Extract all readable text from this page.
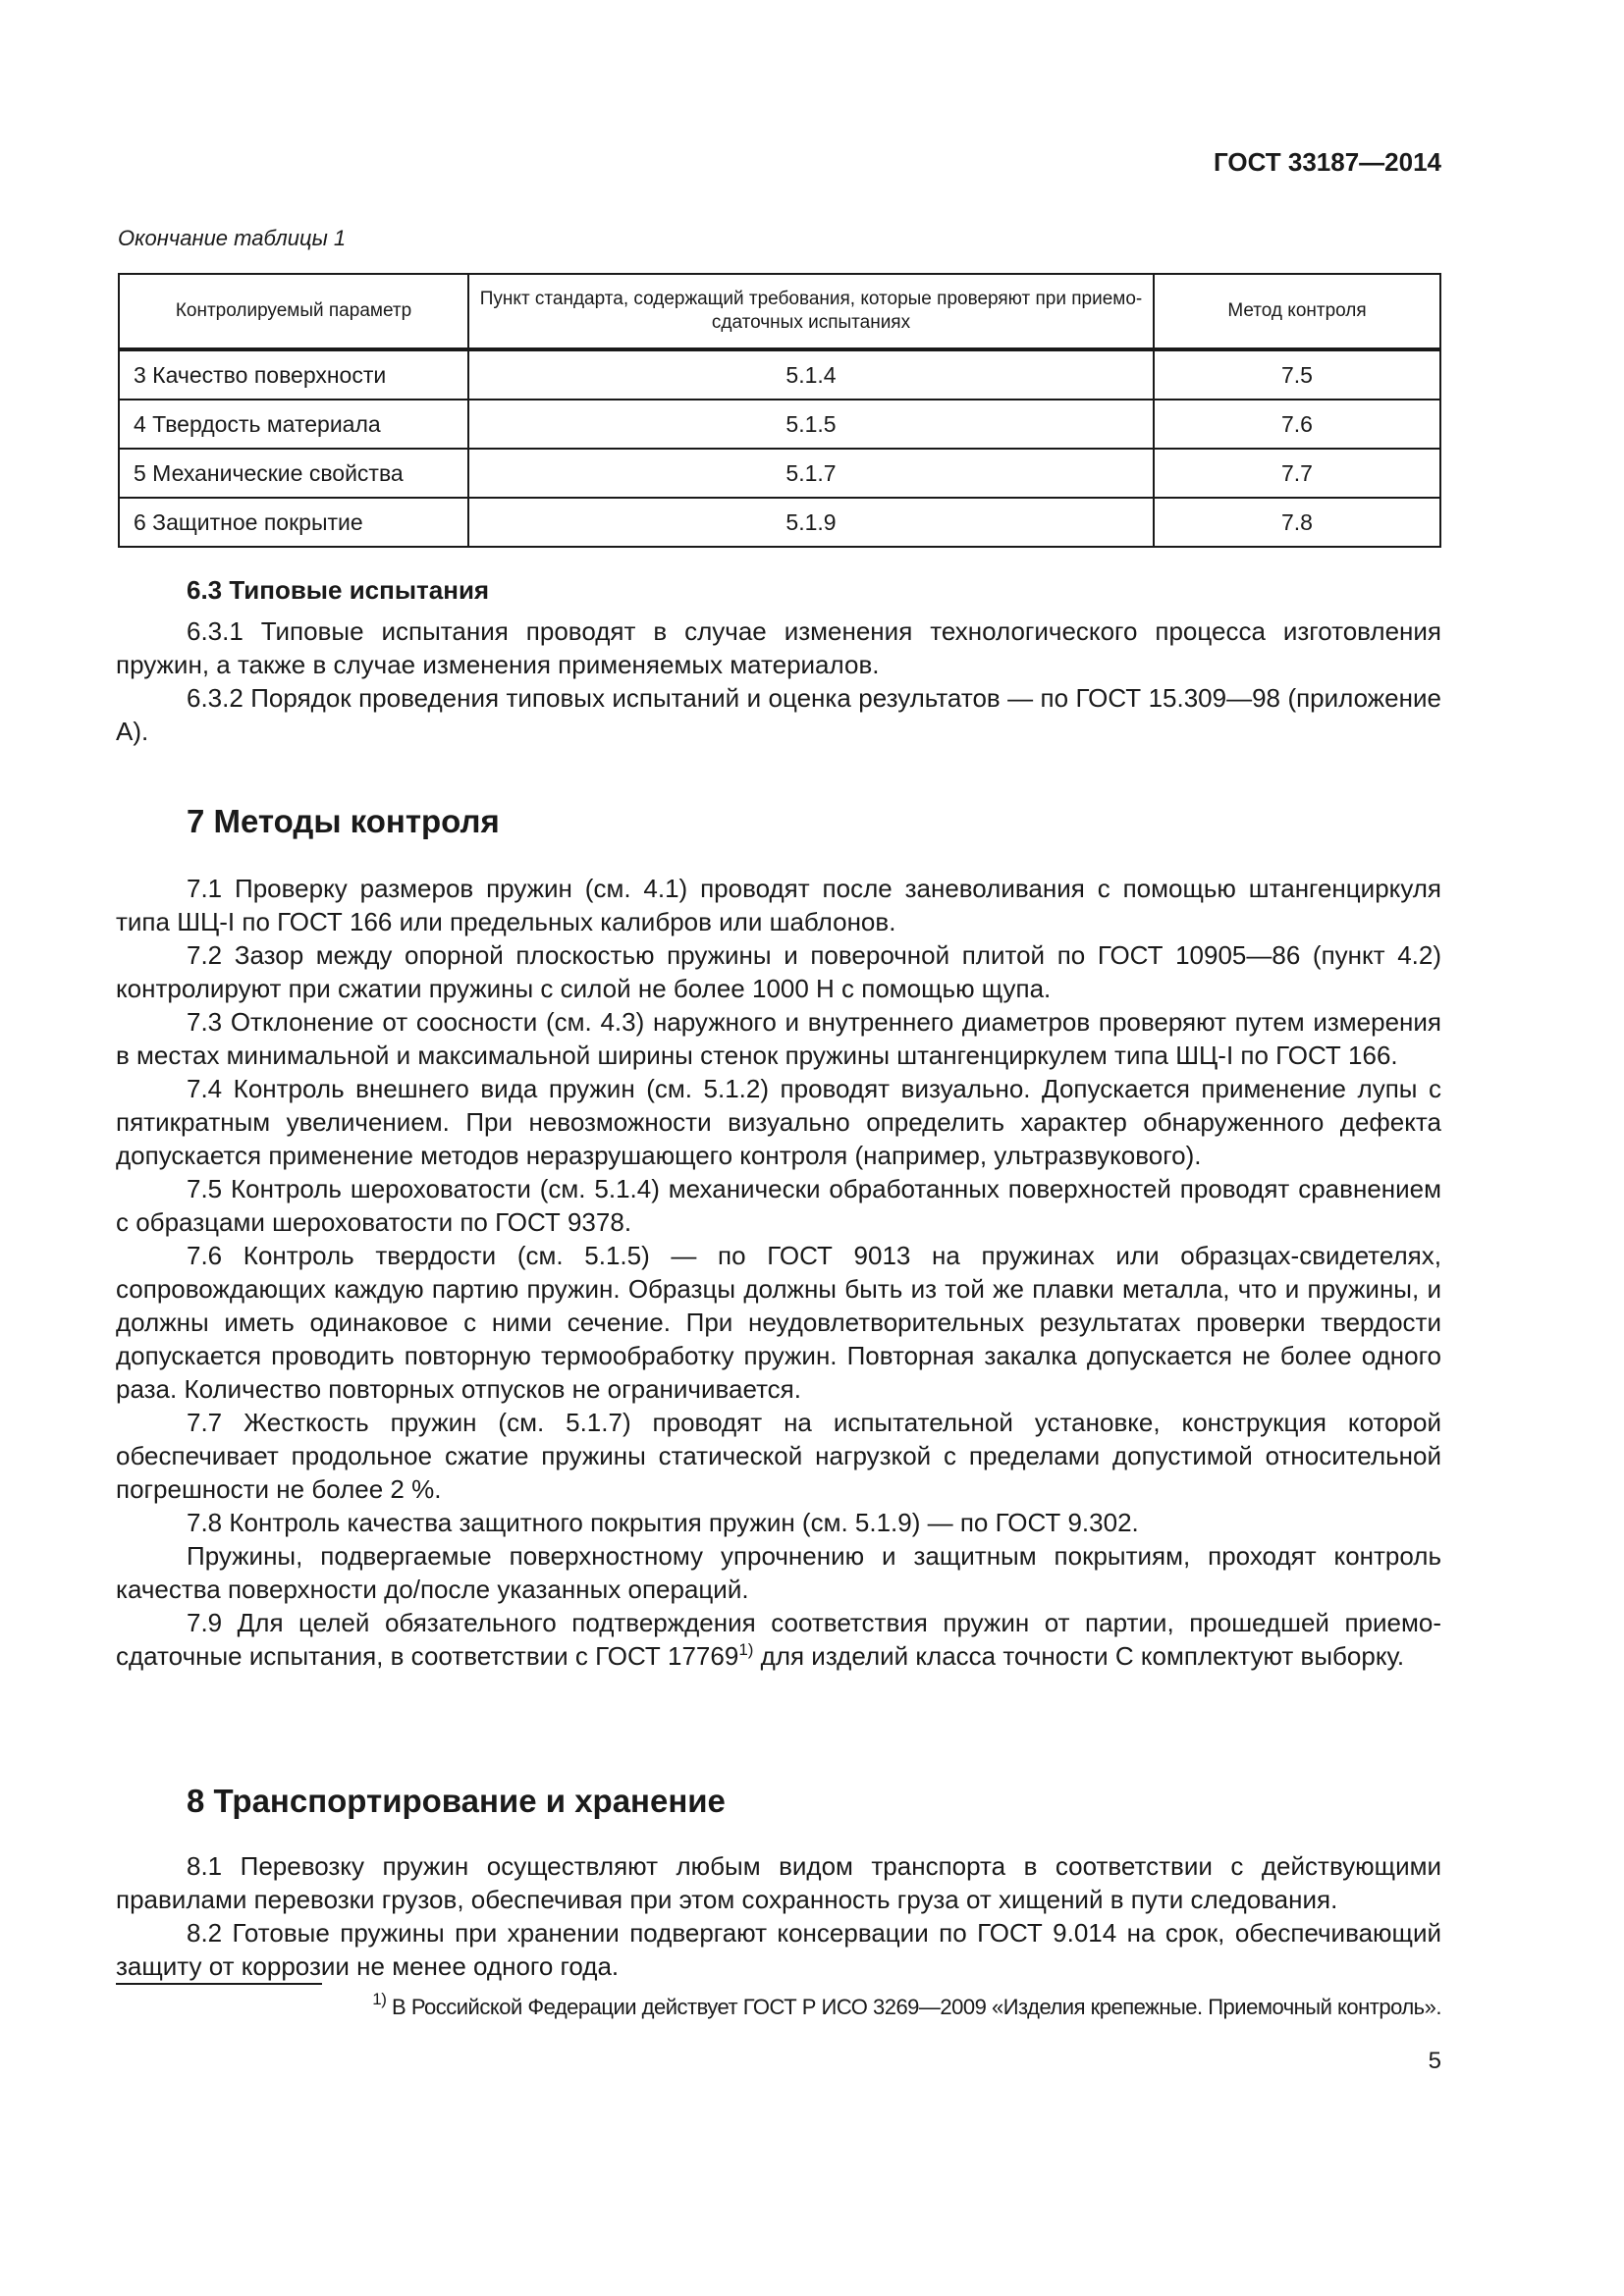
ГОСТ 33187—2014
Окончание таблицы 1
Контролируемый параметр	Пункт стандарта, содержащий требования, которые проверяют при приемо-сдаточных испытаниях	Метод контроля
3 Качество поверхности	5.1.4	7.5
4 Твердость материала	5.1.5	7.6
5 Механические свойства	5.1.7	7.7
6 Защитное покрытие	5.1.9	7.8

6.3 Типовые испытания

6.3.1 Типовые испытания проводят в случае изменения технологического процесса изготовления пружин, а также в случае изменения применяемых материалов.

6.3.2 Порядок проведения типовых испытаний и оценка результатов — по ГОСТ 15.309—98 (приложение А).

7 Методы контроля

7.1 Проверку размеров пружин (см. 4.1) проводят после заневоливания с помощью штангенциркуля типа ШЦ-I по ГОСТ 166 или предельных калибров или шаблонов.

7.2 Зазор между опорной плоскостью пружины и поверочной плитой по ГОСТ 10905—86 (пункт 4.2) контролируют при сжатии пружины с силой не более 1000 Н с помощью щупа.

7.3 Отклонение от соосности (см. 4.3) наружного и внутреннего диаметров проверяют путем измерения в местах минимальной и максимальной ширины стенок пружины штангенциркулем типа ШЦ-I по ГОСТ 166.

7.4 Контроль внешнего вида пружин (см. 5.1.2) проводят визуально. Допускается применение лупы с пятикратным увеличением. При невозможности визуально определить характер обнаруженного дефекта допускается применение методов неразрушающего контроля (например, ультразвукового).

7.5 Контроль шероховатости (см. 5.1.4) механически обработанных поверхностей проводят сравнением с образцами шероховатости по ГОСТ 9378.

7.6 Контроль твердости (см. 5.1.5) — по ГОСТ 9013 на пружинах или образцах-свидетелях, сопровождающих каждую партию пружин. Образцы должны быть из той же плавки металла, что и пружины, и должны иметь одинаковое с ними сечение. При неудовлетворительных результатах проверки твердости допускается проводить повторную термообработку пружин. Повторная закалка допускается не более одного раза. Количество повторных отпусков не ограничивается.

7.7 Жесткость пружин (см. 5.1.7) проводят на испытательной установке, конструкция которой обеспечивает продольное сжатие пружины статической нагрузкой с пределами допустимой относительной погрешности не более 2 %.

7.8 Контроль качества защитного покрытия пружин (см. 5.1.9) — по ГОСТ 9.302.

Пружины, подвергаемые поверхностному упрочнению и защитным покрытиям, проходят контроль качества поверхности до/после указанных операций.

7.9 Для целей обязательного подтверждения соответствия пружин от партии, прошедшей приемо-сдаточные испытания, в соответствии с ГОСТ 17769$^{1)}$ для изделий класса точности С комплектуют выборку.

8 Транспортирование и хранение

8.1 Перевозку пружин осуществляют любым видом транспорта в соответствии с действующими правилами перевозки грузов, обеспечивая при этом сохранность груза от хищений в пути следования.

8.2 Готовые пружины при хранении подвергают консервации по ГОСТ 9.014 на срок, обеспечивающий защиту от коррозии не менее одного года.

$^{1)}$ В Российской Федерации действует ГОСТ Р ИСО 3269—2009 «Изделия крепежные. Приемочный контроль».
5
